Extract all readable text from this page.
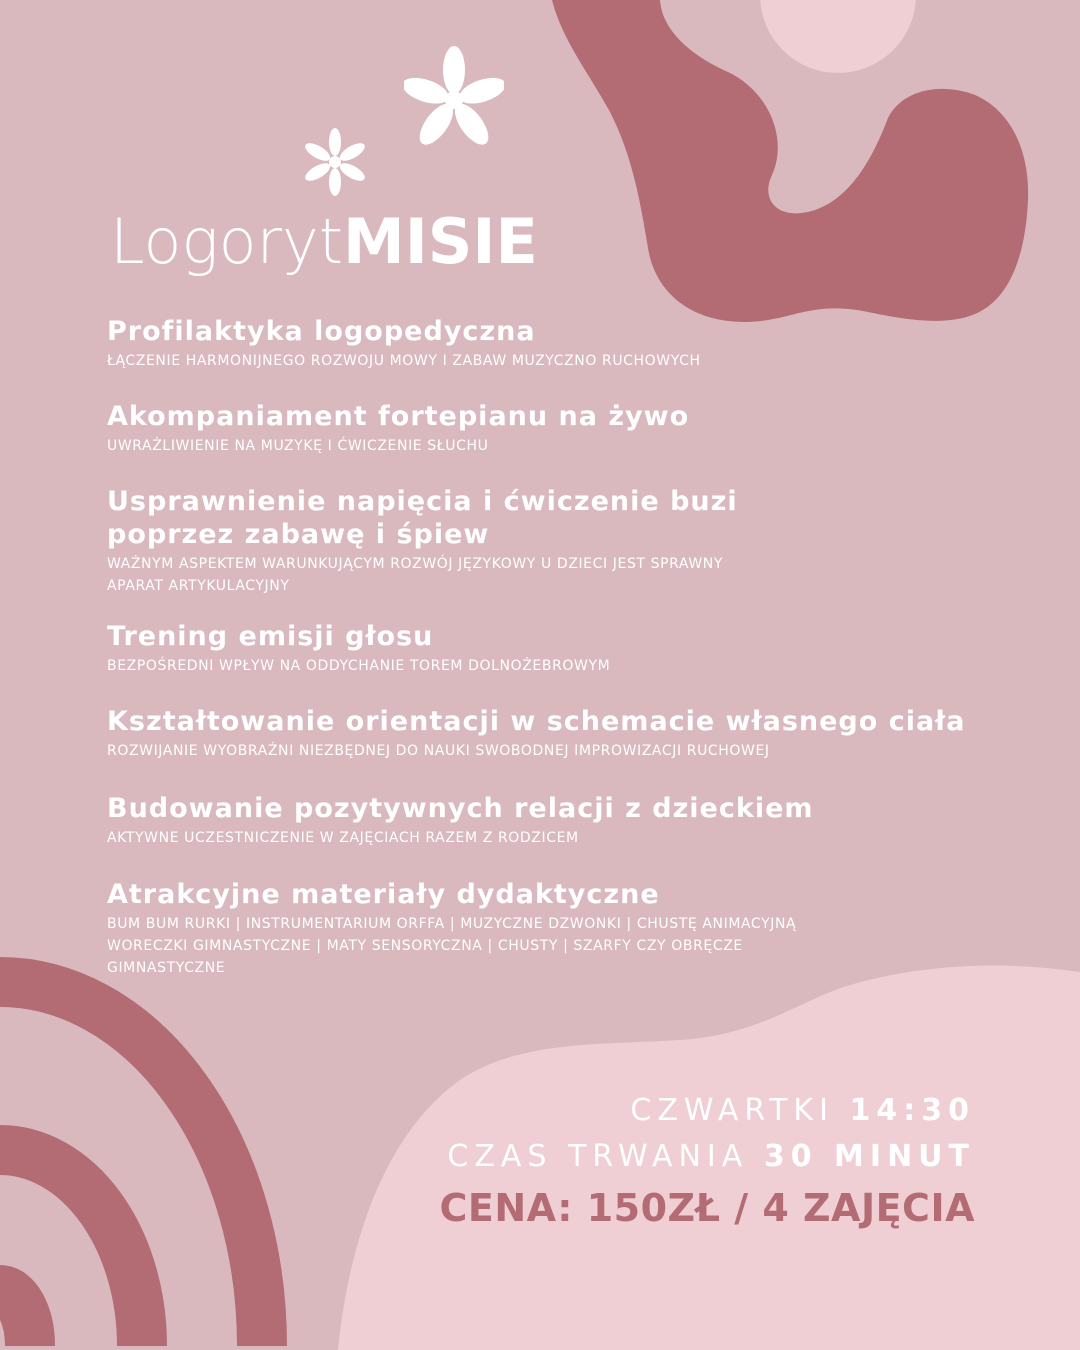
LogorytMISIE
Profilaktyka logopedyczna
ŁĄCZENIE HARMONIJNEGO ROZWOJU MOWY I ZABAW MUZYCZNO RUCHOWYCH
Akompaniament fortepianu na żywo
UWRAŻLIWIENIE NA MUZYKĘ I ĆWICZENIE SŁUCHU
Usprawnienie napięcia i ćwiczenie buzi
poprzez zabawę i śpiew
WAŻNYM ASPEKTEM WARUNKUJĄCYM ROZWÓJ JĘZYKOWY U DZIECI JEST SPRAWNY
APARAT ARTYKULACYJNY
Trening emisji głosu
BEZPOŚREDNI WPŁYW NA ODDYCHANIE TOREM DOLNOŻEBROWYM
Kształtowanie orientacji w schemacie własnego ciała
ROZWIJANIE WYOBRAŹNI NIEZBĘDNEJ DO NAUKI SWOBODNEJ IMPROWIZACJI RUCHOWEJ
Budowanie pozytywnych relacji z dzieckiem
AKTYWNE UCZESTNICZENIE W ZAJĘCIACH RAZEM Z RODZICEM
Atrakcyjne materiały dydaktyczne
BUM BUM RURKI | INSTRUMENTARIUM ORFFA | MUZYCZNE DZWONKI | CHUSTĘ ANIMACYJNĄ
WORECZKI GIMNASTYCZNE | MATY SENSORYCZNA | CHUSTY | SZARFY CZY OBRĘCZE
GIMNASTYCZNE
CZWARTKI 14:30
CZAS TRWANIA 30 MINUT
CENA: 150ZŁ / 4 ZAJĘCIA
